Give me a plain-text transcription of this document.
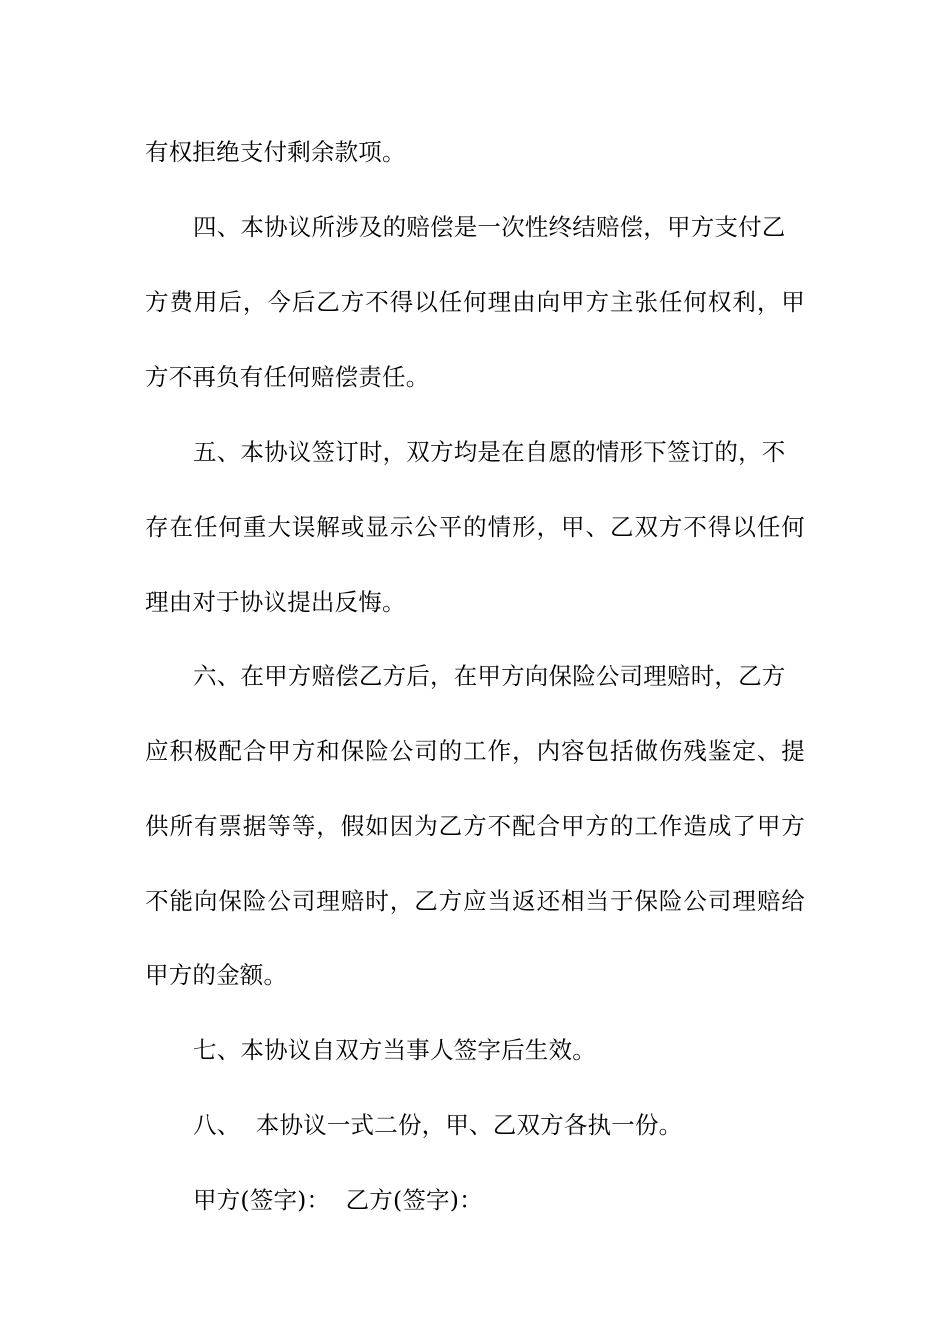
有权拒绝支付剩余款项。
四、本协议所涉及的赔偿是一次性终结赔偿，甲方支付乙
方费用后，今后乙方不得以任何理由向甲方主张任何权利，甲
方不再负有任何赔偿责任。
五、本协议签订时，双方均是在自愿的情形下签订的，不
存在任何重大误解或显示公平的情形，甲、乙双方不得以任何
理由对于协议提出反悔。
六、在甲方赔偿乙方后，在甲方向保险公司理赔时，乙方
应积极配合甲方和保险公司的工作，内容包括做伤残鉴定、提
供所有票据等等，假如因为乙方不配合甲方的工作造成了甲方
不能向保险公司理赔时，乙方应当返还相当于保险公司理赔给
甲方的金额。
七、本协议自双方当事人签字后生效。
八、  本协议一式二份，甲、乙双方各执一份。
甲方(签字)：  乙方(签字)：
